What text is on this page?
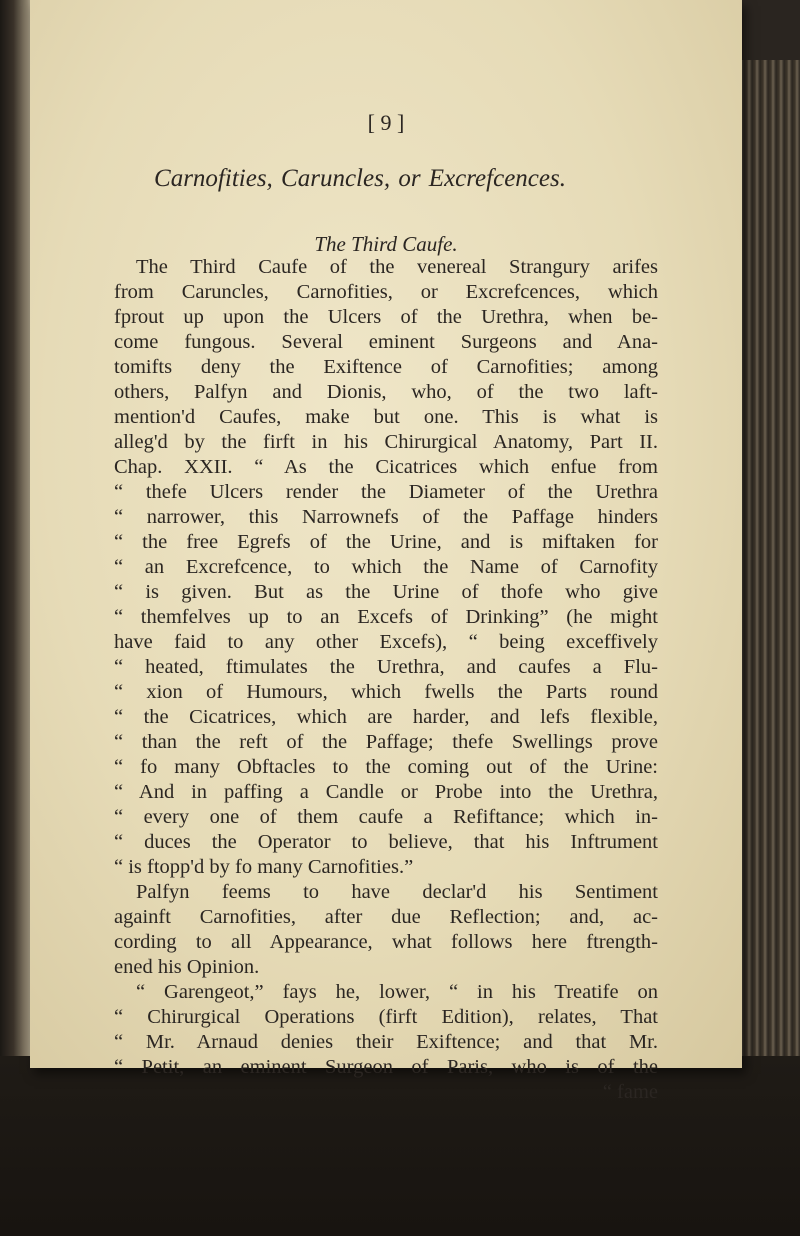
[ 9 ]
Carnofities, Caruncles, or Excrefcences.
The Third Caufe.
The Third Caufe of the venereal Strangury arifes
from Caruncles, Carnofities, or Excrefcences, which
fprout up upon the Ulcers of the Urethra, when be-
come fungous. Several eminent Surgeons and Ana-
tomifts deny the Exiftence of Carnofities; among
others, Palfyn and Dionis, who, of the two laft-
mention'd Caufes, make but one. This is what is
alleg'd by the firft in his Chirurgical Anatomy, Part II.
Chap. XXII. “ As the Cicatrices which enfue from
“ thefe Ulcers render the Diameter of the Urethra
“ narrower, this Narrownefs of the Paffage hinders
“ the free Egrefs of the Urine, and is miftaken for
“ an Excrefcence, to which the Name of Carnofity
“ is given. But as the Urine of thofe who give
“ themfelves up to an Excefs of Drinking” (he might
have faid to any other Excefs), “ being exceffively
“ heated, ftimulates the Urethra, and caufes a Flu-
“ xion of Humours, which fwells the Parts round
“ the Cicatrices, which are harder, and lefs flexible,
“ than the reft of the Paffage; thefe Swellings prove
“ fo many Obftacles to the coming out of the Urine:
“ And in paffing a Candle or Probe into the Urethra,
“ every one of them caufe a Refiftance; which in-
“ duces the Operator to believe, that his Inftrument
“ is ftopp'd by fo many Carnofities.”
Palfyn feems to have declar'd his Sentiment
againft Carnofities, after due Reflection; and, ac-
cording to all Appearance, what follows here ftrength-
ened his Opinion.
“ Garengeot,” fays he, lower, “ in his Treatife on
“ Chirurgical Operations (firft Edition), relates, That
“ Mr. Arnaud denies their Exiftence; and that Mr.
“ Petit, an eminent Surgeon of Paris, who is of the
“ fame
